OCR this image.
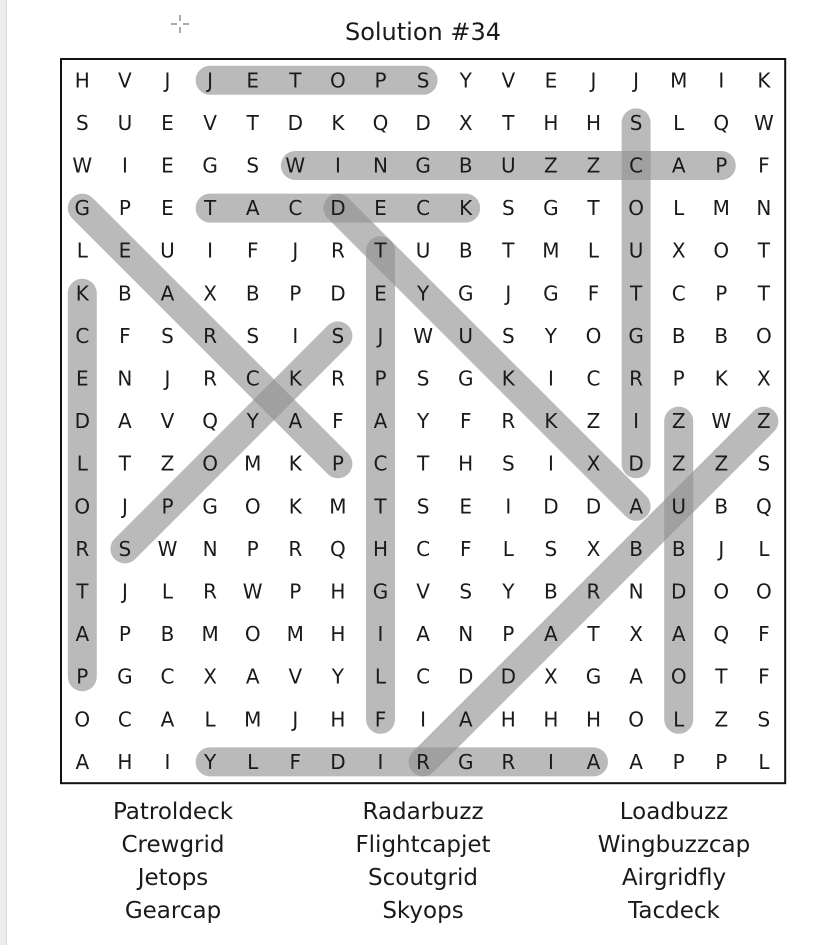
Solution #34
H V J J E T O P S Y V E J J M I K
S U E V T D K Q D X T H H S L Q W
W I E G S W I N G B U Z Z C A P F
G P E T A C D E C K S G T O L M N
L E U I F J R T U B T M L U X O T
K B A X B P D E Y G J G F T C P T
C F S R S I S J W U S Y O G B B O
E N J R C K R P S G K I C R P K X
D A V Q Y A F A Y F R K Z I Z W Z
L T Z O M K P C T H S I X D Z Z S
O J P G O K M T S E I D D A U B Q
R S W N P R Q H C F L S X B B J L
T J L R W P H G V S Y B R N D O O
A P B M O M H I A N P A T X A Q F
P G C X A V Y L C D D X G A O T F
O C A L M J H F I A H H H O L Z S
A H I Y L F D I R G R I A A P P L
Patroldeck
Crewgrid
Jetops
Gearcap
Radarbuzz
Flightcapjet
Scoutgrid
Skyops
Loadbuzz
Wingbuzzcap
Airgridfly
Tacdeck
